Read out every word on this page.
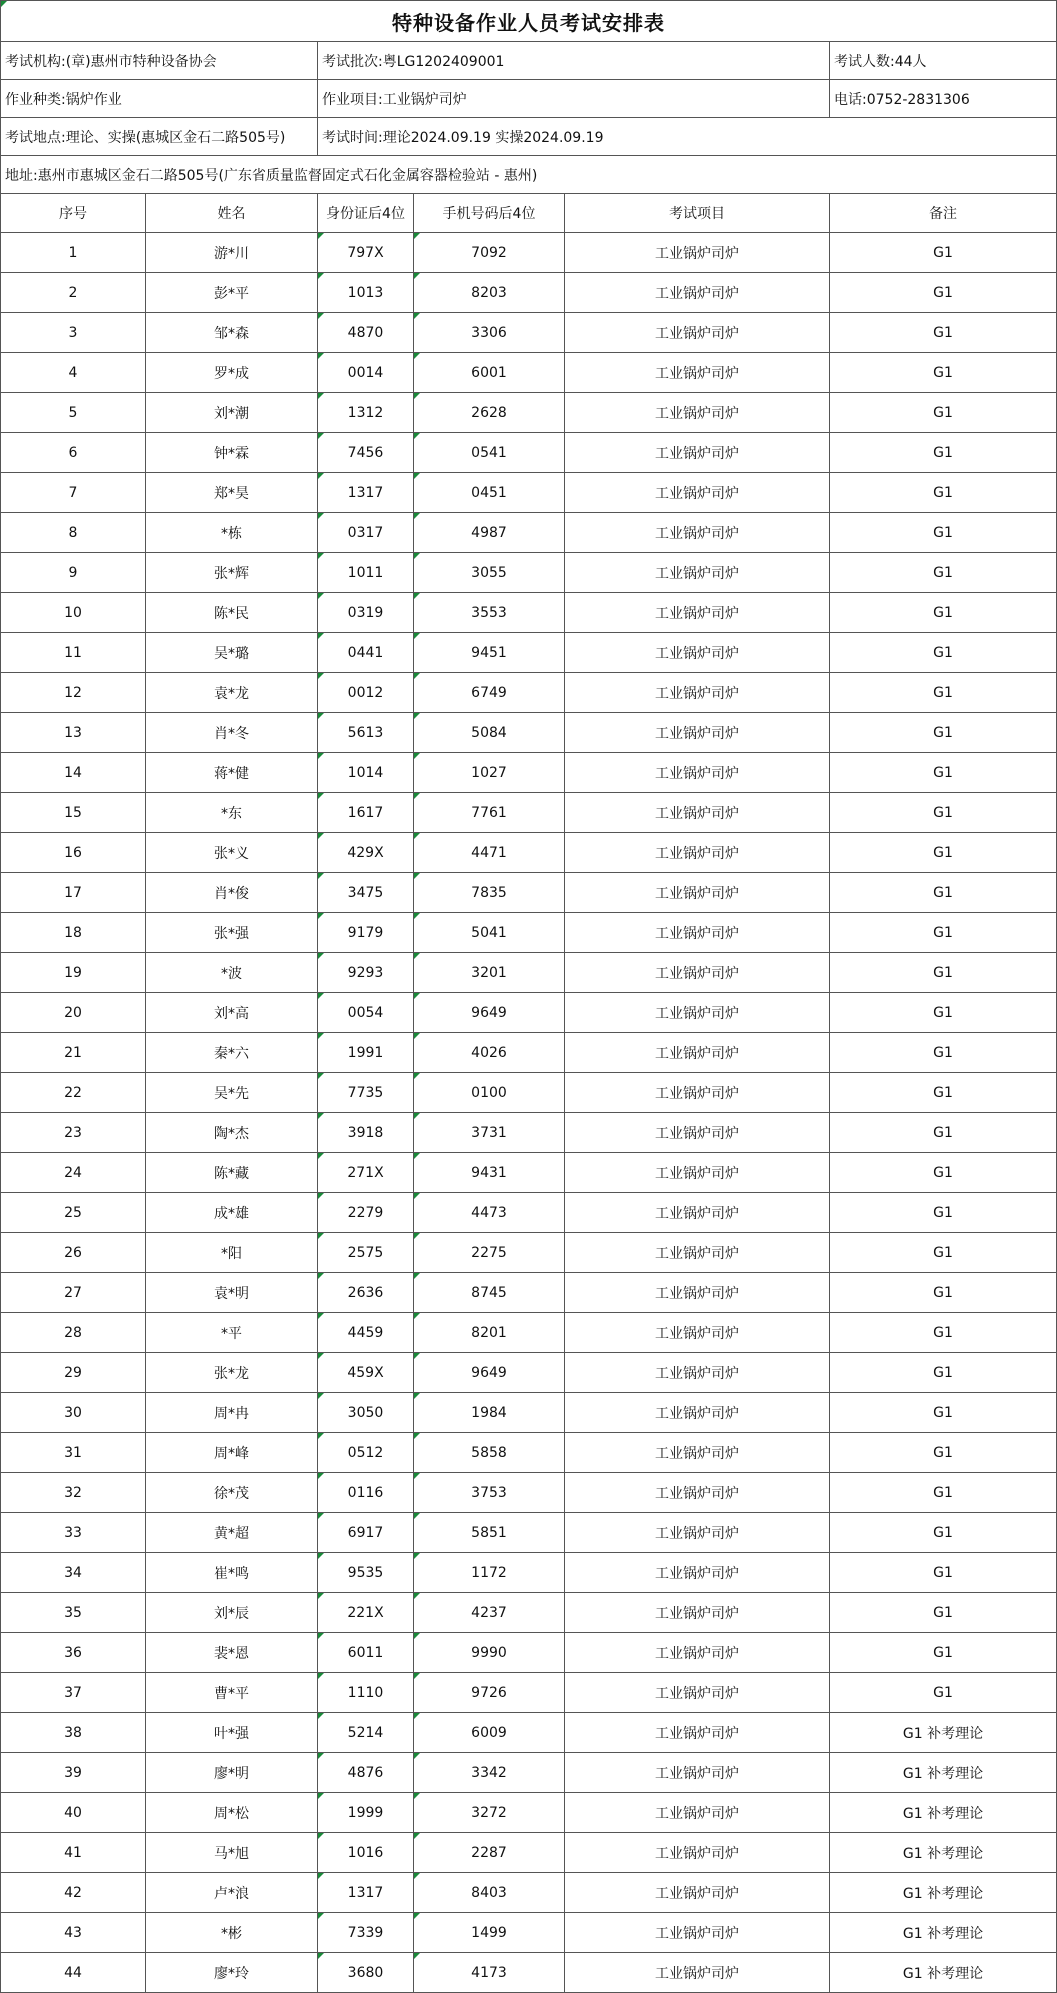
特种设备作业人员考试安排表					
考试机构:(章)惠州市特种设备协会		考试批次:粤LG1202409001			考试人数:44人
作业种类:锅炉作业		作业项目:工业锅炉司炉			电话:0752-2831306
考试地点:理论、实操(惠城区金石二路505号)		考试时间:理论2024.09.19 实操2024.09.19			
地址:惠州市惠城区金石二路505号(广东省质量监督固定式石化金属容器检验站 - 惠州)					
序号	姓名	身份证后4位	手机号码后4位	考试项目	备注
1	游*川	797X	7092	工业锅炉司炉	G1
2	彭*平	1013	8203	工业锅炉司炉	G1
3	邹*森	4870	3306	工业锅炉司炉	G1
4	罗*成	0014	6001	工业锅炉司炉	G1
5	刘*潮	1312	2628	工业锅炉司炉	G1
6	钟*霖	7456	0541	工业锅炉司炉	G1
7	郑*昊	1317	0451	工业锅炉司炉	G1
8	*栋	0317	4987	工业锅炉司炉	G1
9	张*辉	1011	3055	工业锅炉司炉	G1
10	陈*民	0319	3553	工业锅炉司炉	G1
11	吴*璐	0441	9451	工业锅炉司炉	G1
12	袁*龙	0012	6749	工业锅炉司炉	G1
13	肖*冬	5613	5084	工业锅炉司炉	G1
14	蒋*健	1014	1027	工业锅炉司炉	G1
15	*东	1617	7761	工业锅炉司炉	G1
16	张*义	429X	4471	工业锅炉司炉	G1
17	肖*俊	3475	7835	工业锅炉司炉	G1
18	张*强	9179	5041	工业锅炉司炉	G1
19	*波	9293	3201	工业锅炉司炉	G1
20	刘*高	0054	9649	工业锅炉司炉	G1
21	秦*六	1991	4026	工业锅炉司炉	G1
22	吴*先	7735	0100	工业锅炉司炉	G1
23	陶*杰	3918	3731	工业锅炉司炉	G1
24	陈*藏	271X	9431	工业锅炉司炉	G1
25	成*雄	2279	4473	工业锅炉司炉	G1
26	*阳	2575	2275	工业锅炉司炉	G1
27	袁*明	2636	8745	工业锅炉司炉	G1
28	*平	4459	8201	工业锅炉司炉	G1
29	张*龙	459X	9649	工业锅炉司炉	G1
30	周*冉	3050	1984	工业锅炉司炉	G1
31	周*峰	0512	5858	工业锅炉司炉	G1
32	徐*茂	0116	3753	工业锅炉司炉	G1
33	黄*超	6917	5851	工业锅炉司炉	G1
34	崔*鸣	9535	1172	工业锅炉司炉	G1
35	刘*辰	221X	4237	工业锅炉司炉	G1
36	裴*恩	6011	9990	工业锅炉司炉	G1
37	曹*平	1110	9726	工业锅炉司炉	G1
38	叶*强	5214	6009	工业锅炉司炉	G1 补考理论
39	廖*明	4876	3342	工业锅炉司炉	G1 补考理论
40	周*松	1999	3272	工业锅炉司炉	G1 补考理论
41	马*旭	1016	2287	工业锅炉司炉	G1 补考理论
42	卢*浪	1317	8403	工业锅炉司炉	G1 补考理论
43	*彬	7339	1499	工业锅炉司炉	G1 补考理论
44	廖*玲	3680	4173	工业锅炉司炉	G1 补考理论
